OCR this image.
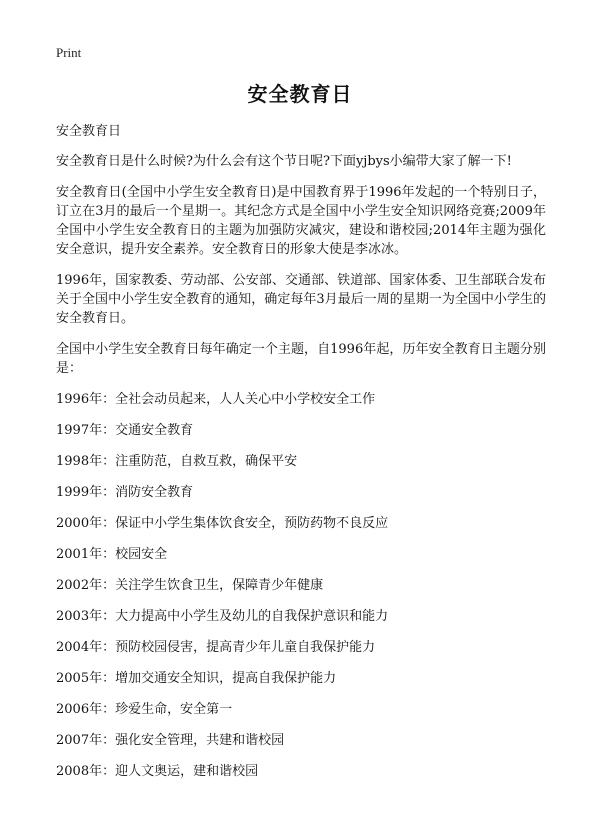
Print
安全教育日

安全教育日

安全教育日是什么时候?为什么会有这个节日呢?下面yjbys小编带大家了解一下!

安全教育日(全国中小学生安全教育日)是中国教育界于1996年发起的一个特别日子，订立在3月的最后一个星期一。其纪念方式是全国中小学生安全知识网络竞赛;2009年全国中小学生安全教育日的主题为加强防灾减灾，建设和谐校园;2014年主题为强化安全意识，提升安全素养。安全教育日的形象大使是李冰冰。

1996年，国家教委、劳动部、公安部、交通部、铁道部、国家体委、卫生部联合发布关于全国中小学生安全教育的通知，确定每年3月最后一周的星期一为全国中小学生的安全教育日。

全国中小学生安全教育日每年确定一个主题，自1996年起，历年安全教育日主题分别是：

1996年：全社会动员起来，人人关心中小学校安全工作
1997年：交通安全教育
1998年：注重防范，自救互救，确保平安
1999年：消防安全教育
2000年：保证中小学生集体饮食安全，预防药物不良反应
2001年：校园安全
2002年：关注学生饮食卫生，保障青少年健康
2003年：大力提高中小学生及幼儿的自我保护意识和能力
2004年：预防校园侵害，提高青少年儿童自我保护能力
2005年：增加交通安全知识，提高自我保护能力
2006年：珍爱生命，安全第一
2007年：强化安全管理，共建和谐校园
2008年：迎人文奥运，建和谐校园
